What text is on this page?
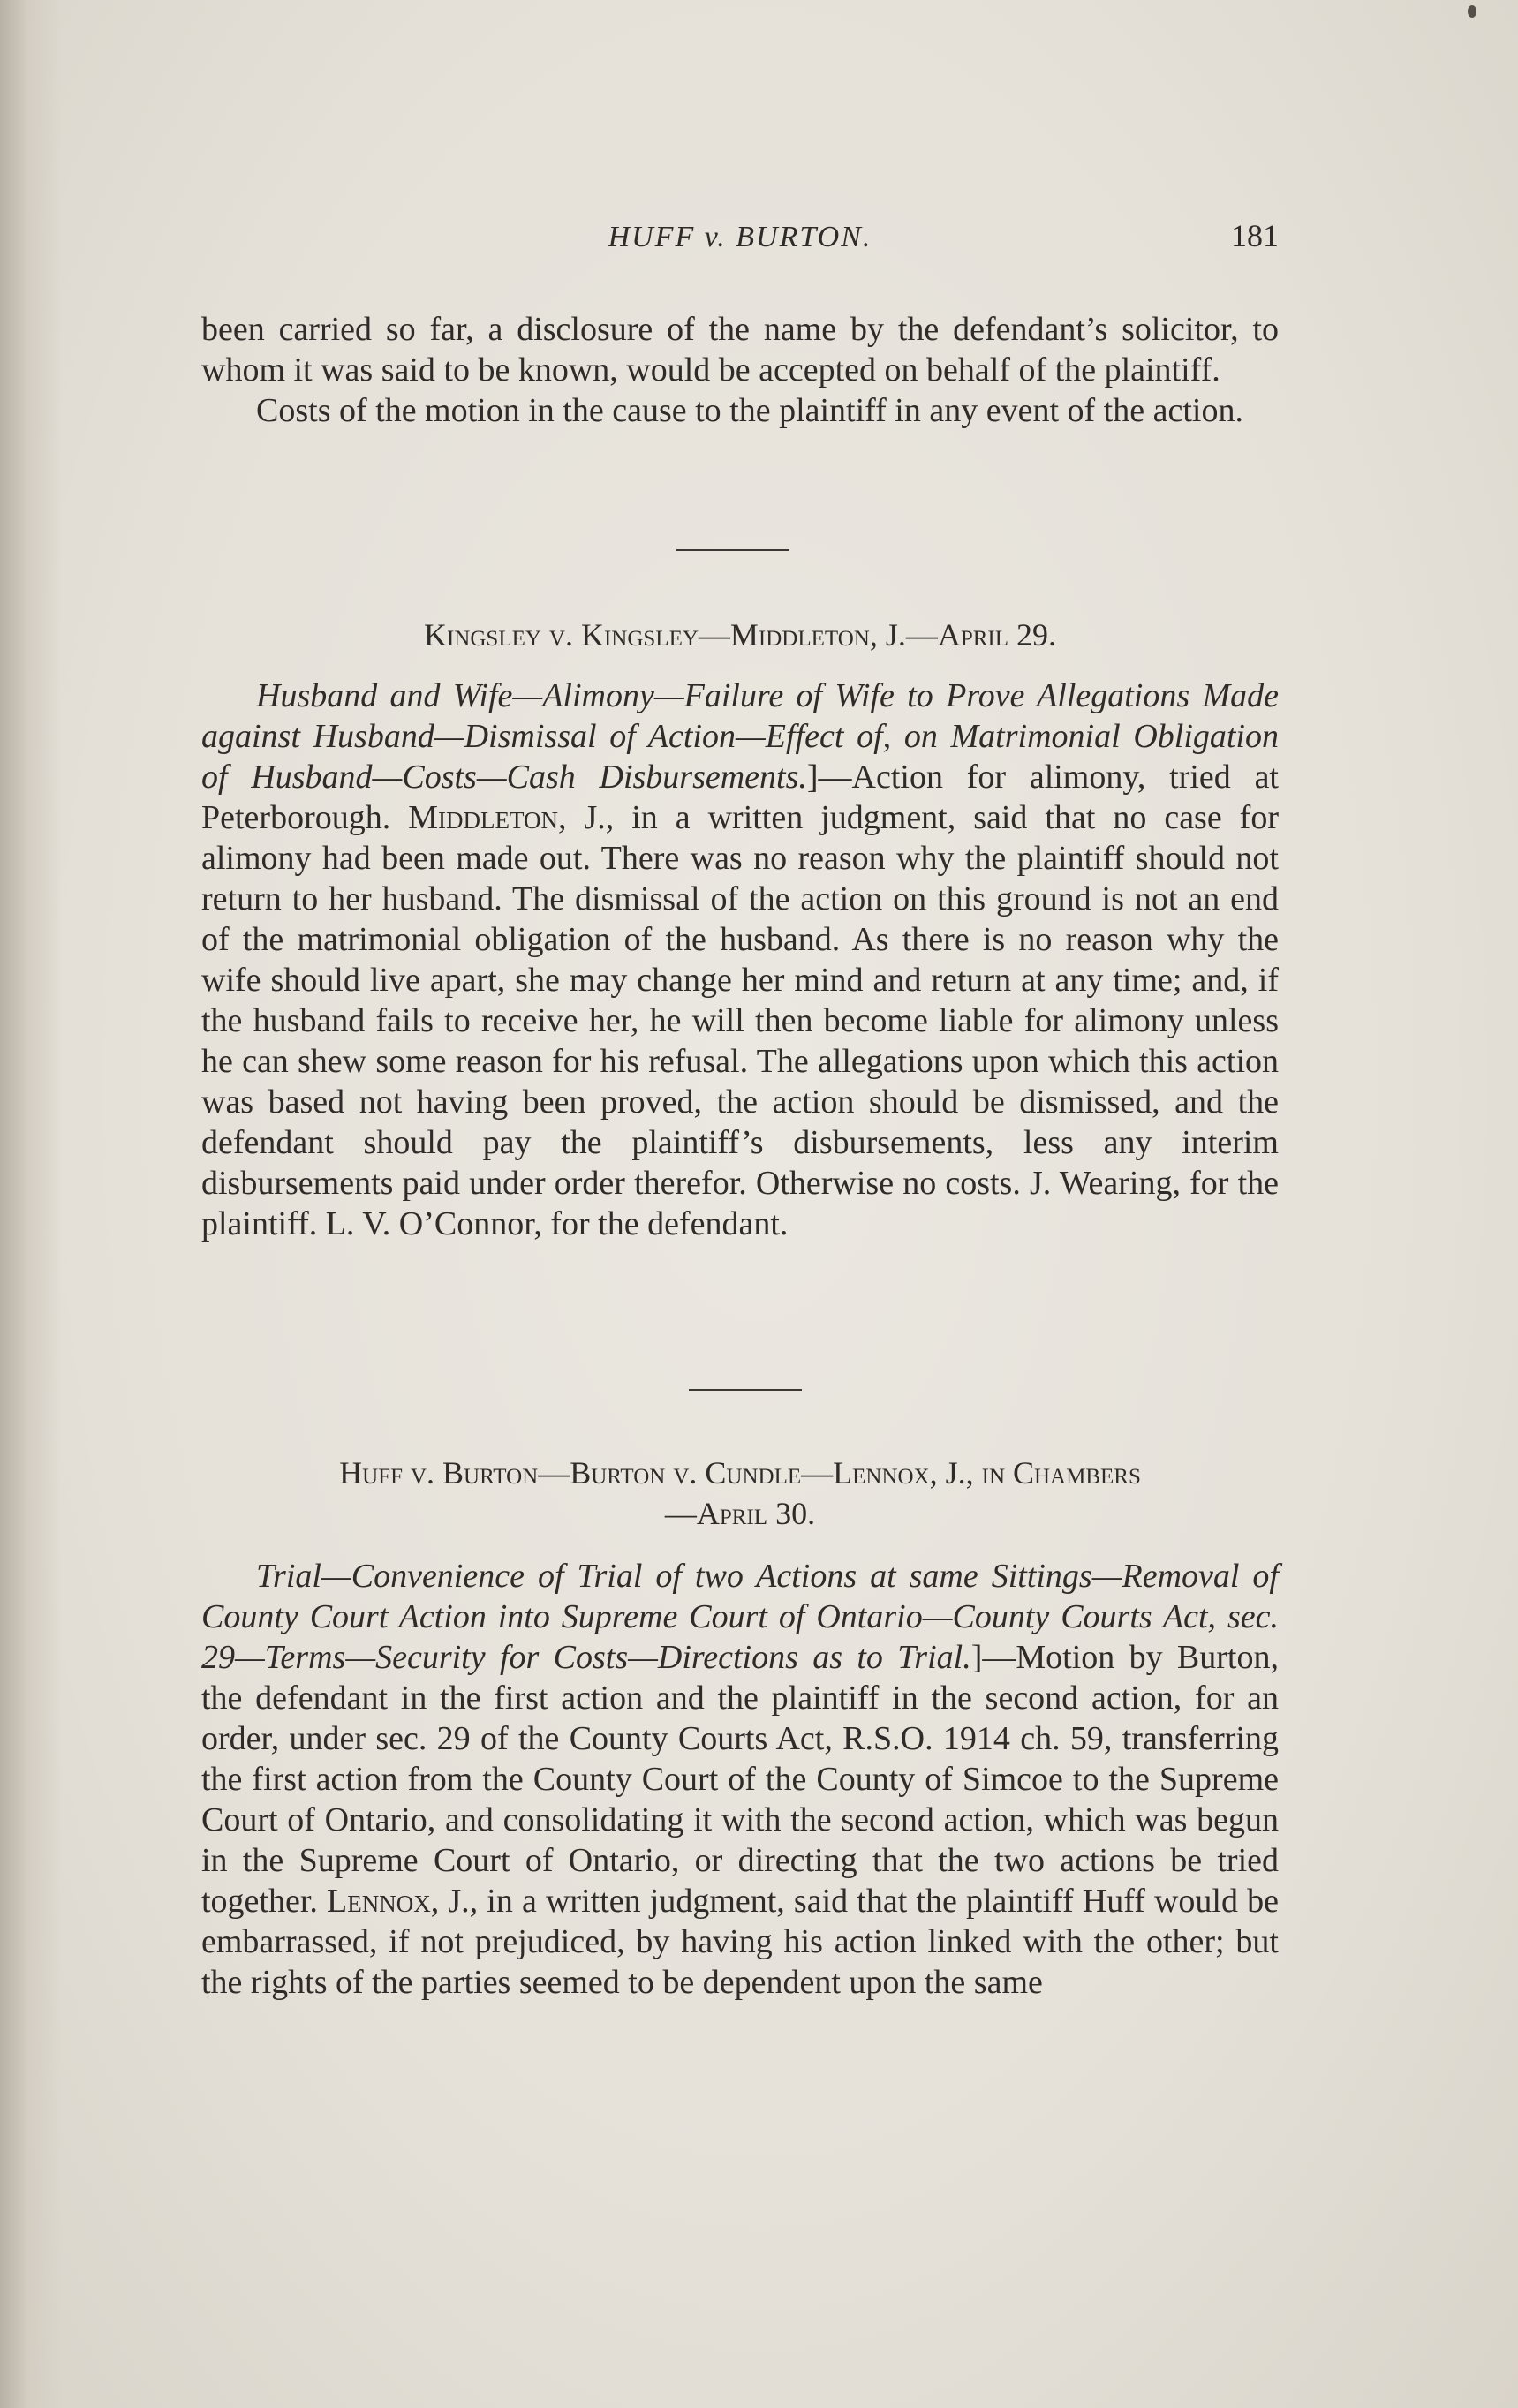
HUFF v. BURTON.	181

been carried so far, a disclosure of the name by the defendant’s solicitor, to whom it was said to be known, would be accepted on behalf of the plaintiff.

Costs of the motion in the cause to the plaintiff in any event of the action.

Kingsley v. Kingsley—Middleton, J.—April 29.

Husband and Wife—Alimony—Failure of Wife to Prove Allegations Made against Husband—Dismissal of Action—Effect of, on Matrimonial Obligation of Husband—Costs—Cash Disbursements.]—Action for alimony, tried at Peterborough. Middleton, J., in a written judgment, said that no case for alimony had been made out. There was no reason why the plaintiff should not return to her husband. The dismissal of the action on this ground is not an end of the matrimonial obligation of the husband. As there is no reason why the wife should live apart, she may change her mind and return at any time; and, if the husband fails to receive her, he will then become liable for alimony unless he can shew some reason for his refusal. The allegations upon which this action was based not having been proved, the action should be dismissed, and the defendant should pay the plaintiff’s disbursements, less any interim disbursements paid under order therefor. Otherwise no costs. J. Wearing, for the plaintiff. L. V. O’Connor, for the defendant.

Huff v. Burton—Burton v. Cundle—Lennox, J., in Chambers
—April 30.

Trial—Convenience of Trial of two Actions at same Sittings—Removal of County Court Action into Supreme Court of Ontario—County Courts Act, sec. 29—Terms—Security for Costs—Directions as to Trial.]—Motion by Burton, the defendant in the first action and the plaintiff in the second action, for an order, under sec. 29 of the County Courts Act, R.S.O. 1914 ch. 59, transferring the first action from the County Court of the County of Simcoe to the Supreme Court of Ontario, and consolidating it with the second action, which was begun in the Supreme Court of Ontario, or directing that the two actions be tried together. Lennox, J., in a written judgment, said that the plaintiff Huff would be embarrassed, if not prejudiced, by having his action linked with the other; but the rights of the parties seemed to be dependent upon the same
